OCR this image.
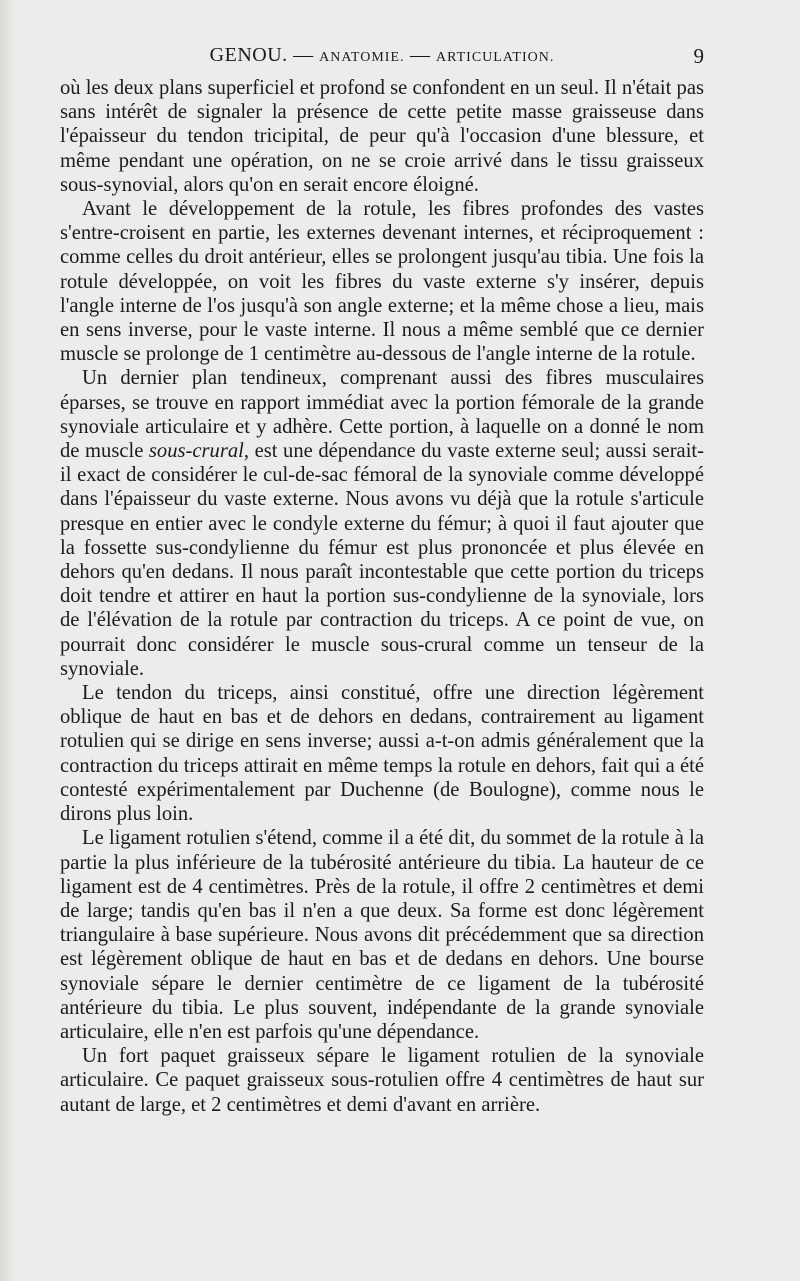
GENOU. — ANATOMIE. — ARTICULATION.	9

où les deux plans superficiel et profond se confondent en un seul. Il n'était pas sans intérêt de signaler la présence de cette petite masse graisseuse dans l'épaisseur du tendon tricipital, de peur qu'à l'occasion d'une blessure, et même pendant une opération, on ne se croie arrivé dans le tissu graisseux sous-synovial, alors qu'on en serait encore éloigné.

Avant le développement de la rotule, les fibres profondes des vastes s'entre-croisent en partie, les externes devenant internes, et réciproquement : comme celles du droit antérieur, elles se prolongent jusqu'au tibia. Une fois la rotule développée, on voit les fibres du vaste externe s'y insérer, depuis l'angle interne de l'os jusqu'à son angle externe; et la même chose a lieu, mais en sens inverse, pour le vaste interne. Il nous a même semblé que ce dernier muscle se prolonge de 1 centimètre au-dessous de l'angle interne de la rotule.

Un dernier plan tendineux, comprenant aussi des fibres musculaires éparses, se trouve en rapport immédiat avec la portion fémorale de la grande synoviale articulaire et y adhère. Cette portion, à laquelle on a donné le nom de muscle sous-crural, est une dépendance du vaste externe seul; aussi serait-il exact de considérer le cul-de-sac fémoral de la synoviale comme développé dans l'épaisseur du vaste externe. Nous avons vu déjà que la rotule s'articule presque en entier avec le condyle externe du fémur; à quoi il faut ajouter que la fossette sus-condylienne du fémur est plus prononcée et plus élevée en dehors qu'en dedans. Il nous paraît incontestable que cette portion du triceps doit tendre et attirer en haut la portion sus-condylienne de la synoviale, lors de l'élévation de la rotule par contraction du triceps. A ce point de vue, on pourrait donc considérer le muscle sous-crural comme un tenseur de la synoviale.

Le tendon du triceps, ainsi constitué, offre une direction légèrement oblique de haut en bas et de dehors en dedans, contrairement au ligament rotulien qui se dirige en sens inverse; aussi a-t-on admis généralement que la contraction du triceps attirait en même temps la rotule en dehors, fait qui a été contesté expérimentalement par Duchenne (de Boulogne), comme nous le dirons plus loin.

Le ligament rotulien s'étend, comme il a été dit, du sommet de la rotule à la partie la plus inférieure de la tubérosité antérieure du tibia. La hauteur de ce ligament est de 4 centimètres. Près de la rotule, il offre 2 centimètres et demi de large; tandis qu'en bas il n'en a que deux. Sa forme est donc légèrement triangulaire à base supérieure. Nous avons dit précédemment que sa direction est légèrement oblique de haut en bas et de dedans en dehors. Une bourse synoviale sépare le dernier centimètre de ce ligament de la tubérosité antérieure du tibia. Le plus souvent, indépendante de la grande synoviale articulaire, elle n'en est parfois qu'une dépendance.

Un fort paquet graisseux sépare le ligament rotulien de la synoviale articulaire. Ce paquet graisseux sous-rotulien offre 4 centimètres de haut sur autant de large, et 2 centimètres et demi d'avant en arrière.
